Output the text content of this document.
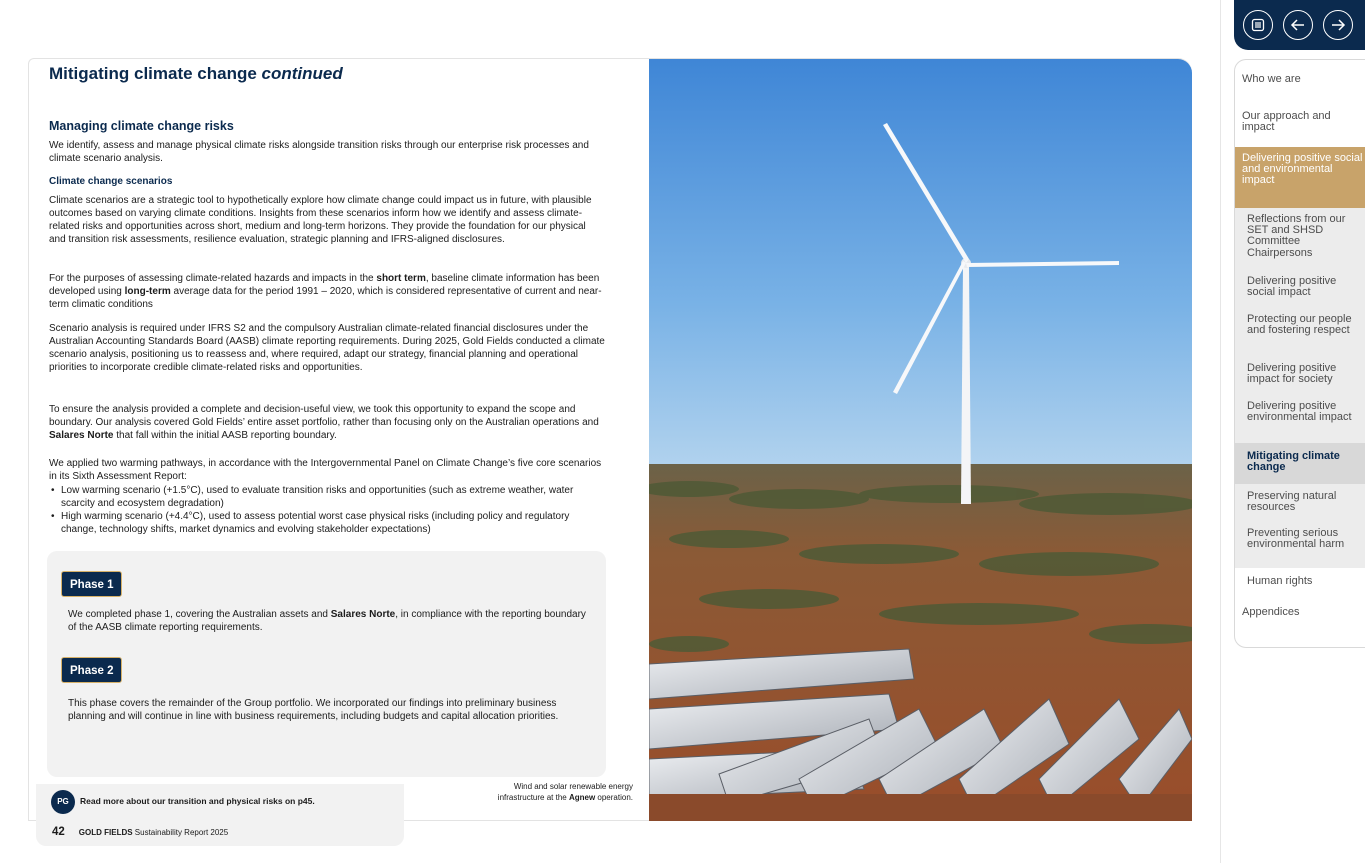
Mitigating climate change continued
Managing climate change risks
We identify, assess and manage physical climate risks alongside transition risks through our enterprise risk processes and climate scenario analysis.
Climate change scenarios
Climate scenarios are a strategic tool to hypothetically explore how climate change could impact us in future, with plausible outcomes based on varying climate conditions. Insights from these scenarios inform how we identify and assess climate-related risks and opportunities across short, medium and long-term horizons. They provide the foundation for our physical and transition risk assessments, resilience evaluation, strategic planning and IFRS-aligned disclosures.
For the purposes of assessing climate-related hazards and impacts in the short term, baseline climate information has been developed using long-term average data for the period 1991 – 2020, which is considered representative of current and near-term climatic conditions
Scenario analysis is required under IFRS S2 and the compulsory Australian climate-related financial disclosures under the Australian Accounting Standards Board (AASB) climate reporting requirements. During 2025, Gold Fields conducted a climate scenario analysis, positioning us to reassess and, where required, adapt our strategy, financial planning and operational priorities to incorporate credible climate-related risks and opportunities.
To ensure the analysis provided a complete and decision-useful view, we took this opportunity to expand the scope and boundary. Our analysis covered Gold Fields’ entire asset portfolio, rather than focusing only on the Australian operations and Salares Norte that fall within the initial AASB reporting boundary.
We applied two warming pathways, in accordance with the Intergovernmental Panel on Climate Change’s five core scenarios in its Sixth Assessment Report:
• Low warming scenario (+1.5°C), used to evaluate transition risks and opportunities (such as extreme weather, water scarcity and ecosystem degradation)
• High warming scenario (+4.4°C), used to assess potential worst case physical risks (including policy and regulatory change, technology shifts, market dynamics and evolving stakeholder expectations)
Phase 1
We completed phase 1, covering the Australian assets and Salares Norte, in compliance with the reporting boundary of the AASB climate reporting requirements.
Phase 2
This phase covers the remainder of the Group portfolio. We incorporated our findings into preliminary business planning and will continue in line with business requirements, including budgets and capital allocation priorities.
PG	Read more about our transition and physical risks on p45.
42 GOLD FIELDS Sustainability Report 2025
Wind and solar renewable energy
infrastructure at the Agnew operation.
Who we are
Our approach and impact
Delivering positive social and environmental impact
Reflections from our SET and SHSD Committee Chairpersons
Delivering positive social impact
Protecting our people and fostering respect
Delivering positive impact for society
Delivering positive environmental impact
Mitigating climate change
Preserving natural resources
Preventing serious environmental harm
Human rights
Appendices
